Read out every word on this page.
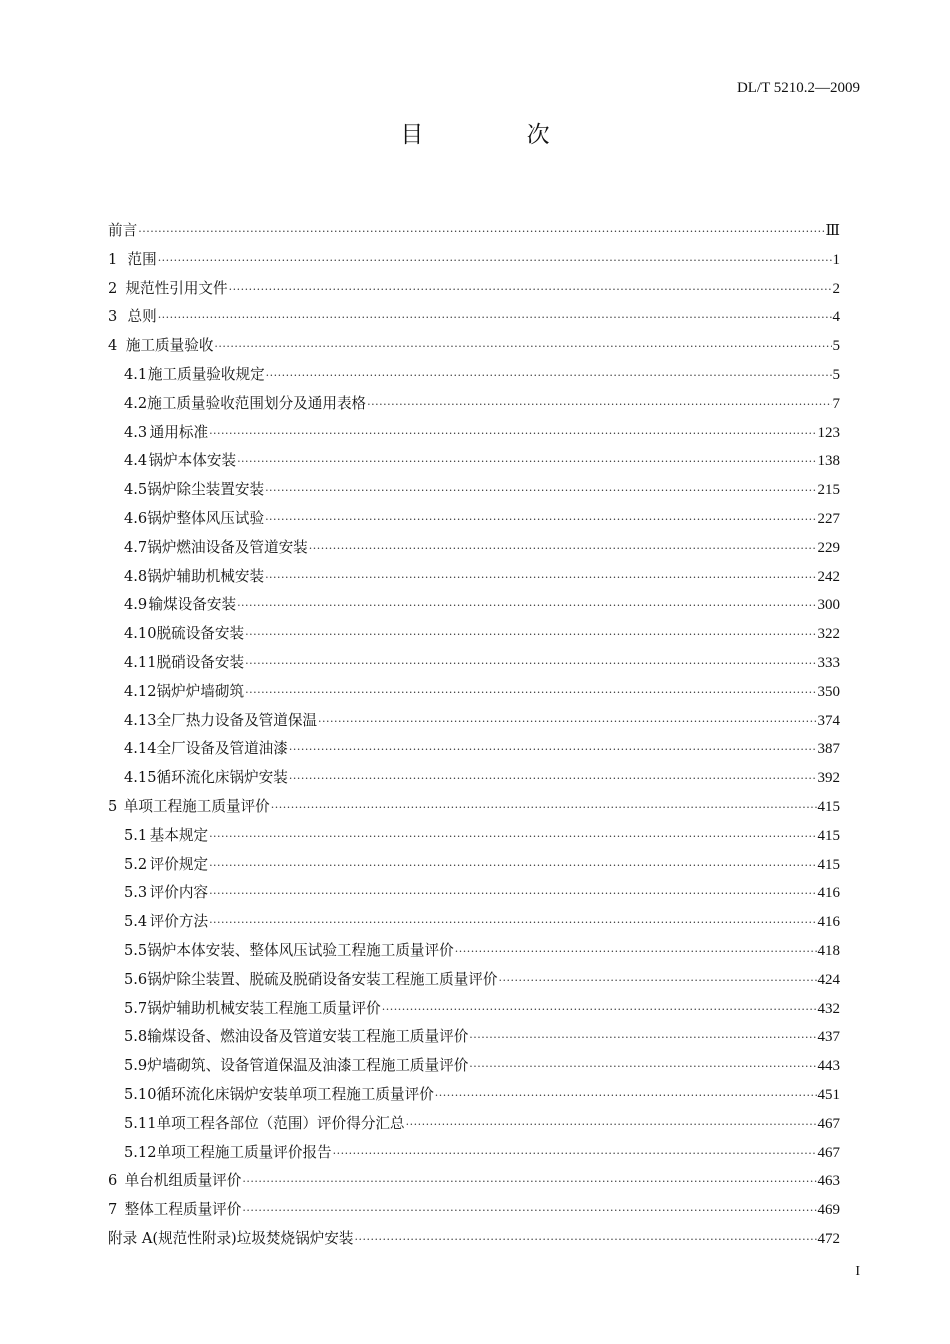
DL/T 5210.2—2009
目 次
前言 ·····	Ⅲ
1 范围 ·····	1
2 规范性引用文件 ·····	2
3 总则 ·····	4
4 施工质量验收 ·····	5
4.1 施工质量验收规定 ·····	5
4.2 施工质量验收范围划分及通用表格 ·····	7
4.3 通用标准 ·····	123
4.4 锅炉本体安装 ·····	138
4.5 锅炉除尘装置安装 ·····	215
4.6 锅炉整体风压试验 ·····	227
4.7 锅炉燃油设备及管道安装 ·····	229
4.8 锅炉辅助机械安装 ·····	242
4.9 输煤设备安装 ·····	300
4.10 脱硫设备安装 ·····	322
4.11 脱硝设备安装 ·····	333
4.12 锅炉炉墙砌筑 ·····	350
4.13 全厂热力设备及管道保温 ·····	374
4.14 全厂设备及管道油漆 ·····	387
4.15 循环流化床锅炉安装 ·····	392
5 单项工程施工质量评价 ·····	415
5.1 基本规定 ·····	415
5.2 评价规定 ·····	415
5.3 评价内容 ·····	416
5.4 评价方法 ·····	416
5.5 锅炉本体安装、整体风压试验工程施工质量评价 ·····	418
5.6 锅炉除尘装置、脱硫及脱硝设备安装工程施工质量评价 ·····	424
5.7 锅炉辅助机械安装工程施工质量评价 ·····	432
5.8 输煤设备、燃油设备及管道安装工程施工质量评价 ·····	437
5.9 炉墙砌筑、设备管道保温及油漆工程施工质量评价 ·····	443
5.10 循环流化床锅炉安装单项工程施工质量评价 ·····	451
5.11 单项工程各部位（范围）评价得分汇总 ·····	467
5.12 单项工程施工质量评价报告 ·····	467
6 单台机组质量评价 ·····	463
7 整体工程质量评价 ·····	469
附录 A (规范性附录)垃圾焚烧锅炉安装 ·····	472
I
